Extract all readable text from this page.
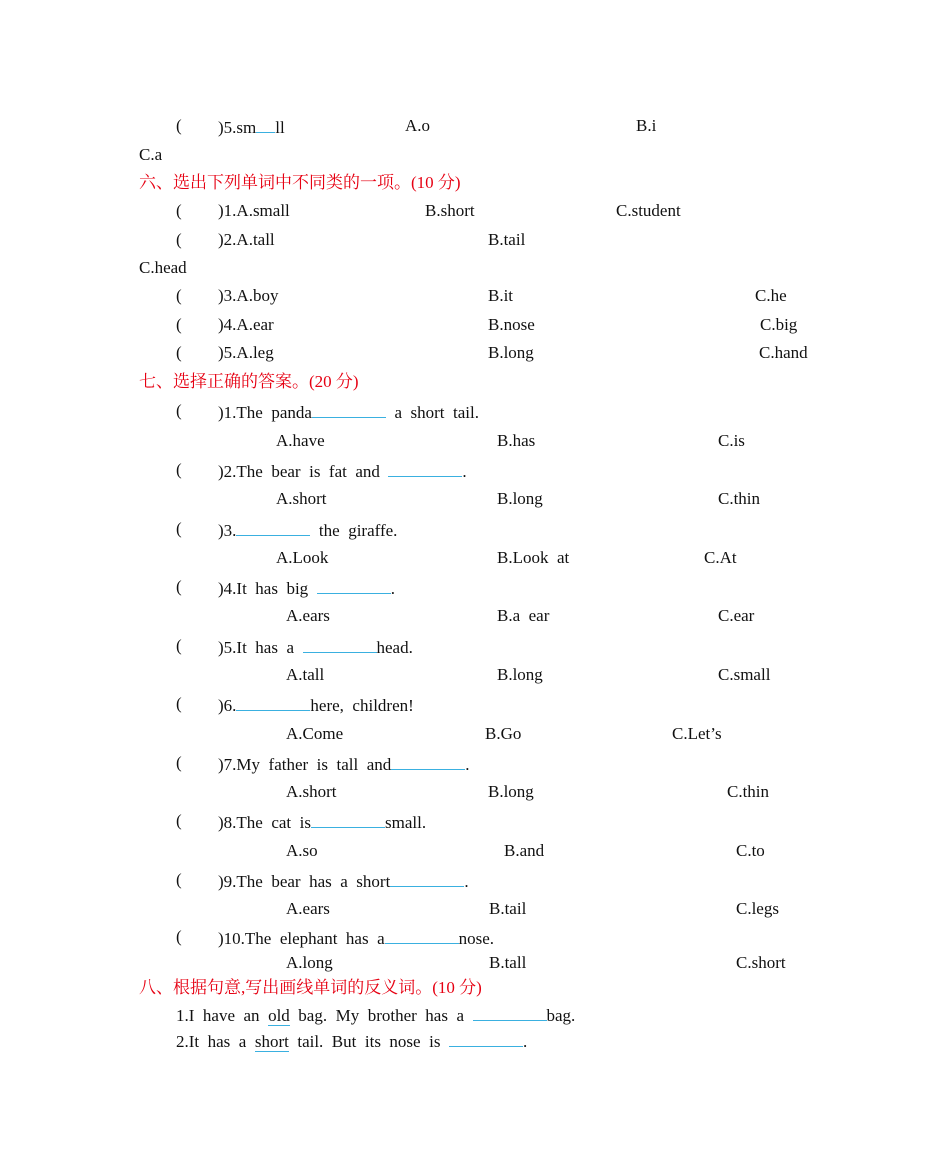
( )5.sm ll	A.o	B.i
C.a
六、选出下列单词中不同类的一项。(10 分)
( )1.A.small	B.short	C.student
( )2.A.tall	B.tail
C.head
( )3.A.boy	B.it	C.he
( )4.A.ear	B.nose	C.big
( )5.A.leg	B.long	C.hand
七、选择正确的答案。(20 分)
( )1.The  panda	a  short  tail.
A.have	B.has	C.is
( )2.The  bear  is  fat  and	.
A.short	B.long	C.thin
( )3.	the  giraffe.
A.Look	B.Look  at	C.At
( )4.It  has  big	.
A.ears	B.a  ear	C.ear
( )5.It  has  a	head.
A.tall	B.long	C.small
( )6.	here,  children!
A.Come	B.Go	C.Let’s
( )7.My  father  is  tall  and	.
A.short	B.long	C.thin
( )8.The  cat  is	small.
A.so	B.and	C.to
( )9.The  bear  has  a  short	.
A.ears	B.tail	C.legs
( )10.The  elephant  has  a	nose.
A.long	B.tall	C.short
八、根据句意,写出画线单词的反义词。(10 分)
1.I  have  an  old  bag.  My  brother  has  a	bag.
2.It  has  a  short  tail.  But  its  nose  is	.
